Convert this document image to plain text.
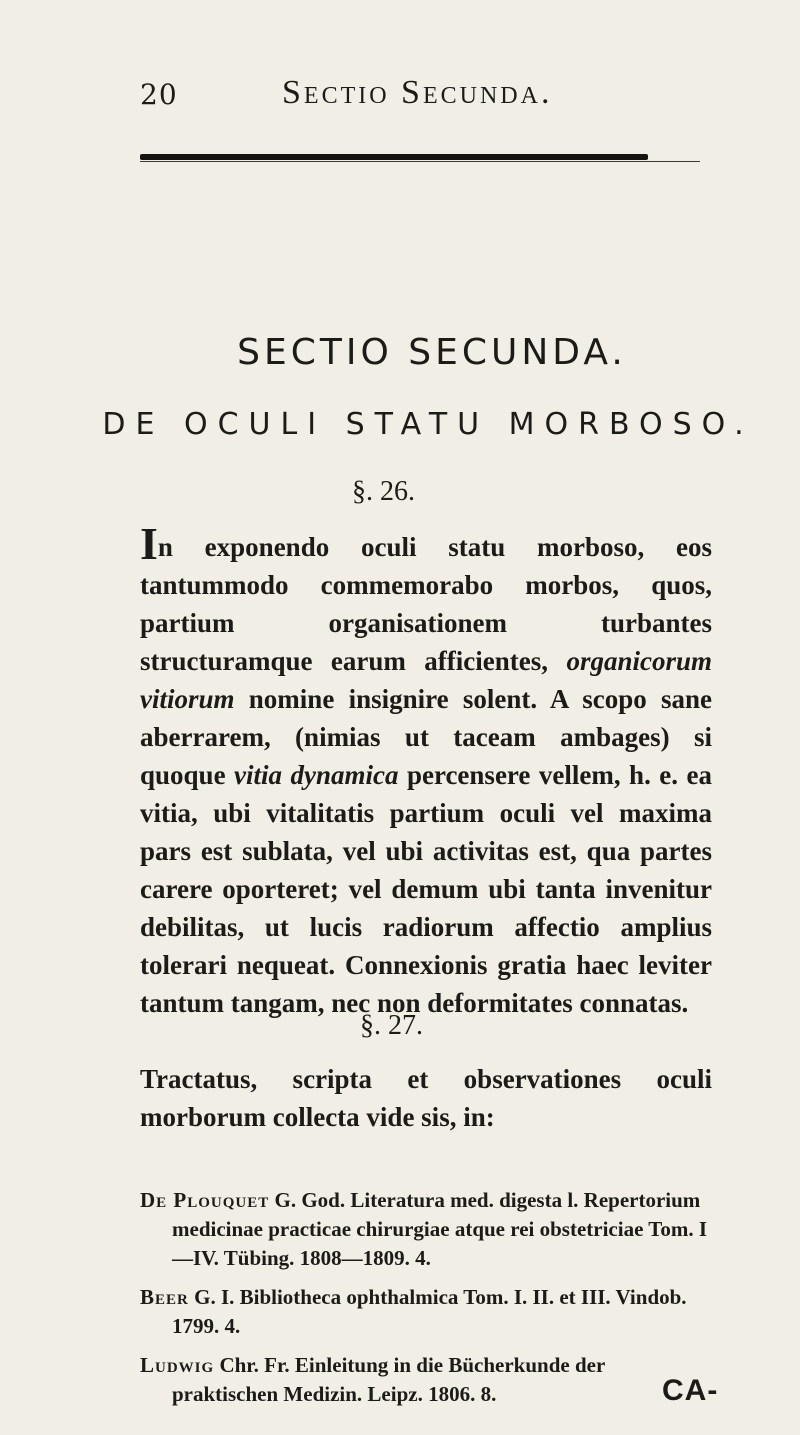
20	Sectio Secunda.
SECTIO SECUNDA.
DE OCULI STATU MORBOSO.
§. 26.
In exponendo oculi statu morboso, eos tantummodo commemorabo morbos, quos, partium organisationem turbantes structuramque earum afficientes, organicorum vitiorum nomine insignire solent. A scopo sane aberrarem, (nimias ut taceam ambages) si quoque vitia dynamica percensere vellem, h. e. ea vitia, ubi vitalitatis partium oculi vel maxima pars est sublata, vel ubi activitas est, qua partes carere oporteret; vel demum ubi tanta invenitur debilitas, ut lucis radiorum affectio amplius tolerari nequeat. Connexionis gratia haec leviter tantum tangam, nec non deformitates connatas.
§. 27.
Tractatus, scripta et observationes oculi morborum collecta vide sis, in:
De Plouquet G. God. Literatura med. digesta l. Repertorium medicinae practicae chirurgiae atque rei obstetriciae Tom. I—IV. Tübing. 1808—1809. 4.
Beer G. I. Bibliotheca ophthalmica Tom. I. II. et III. Vindob. 1799. 4.
Ludwig Chr. Fr. Einleitung in die Bücherkunde der praktischen Medizin. Leipz. 1806. 8.	CA-
